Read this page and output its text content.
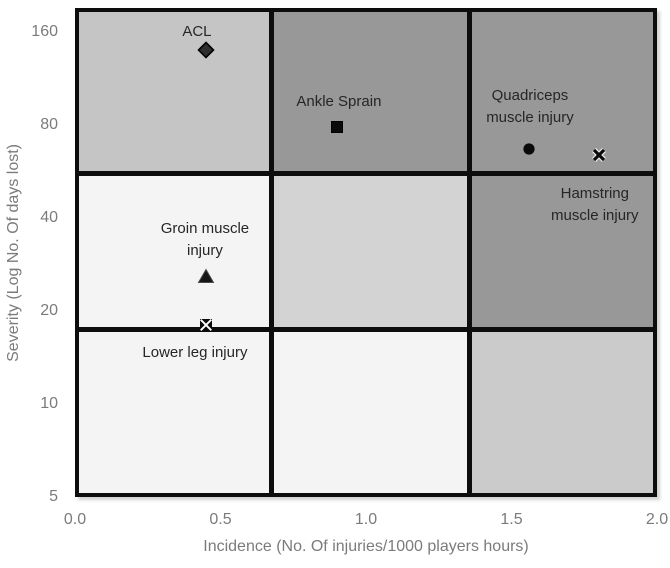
Severity (Log No. Of days lost)
160
80
40
20
10
5
ACL
Ankle Sprain	Quadriceps
muscle injury
Hamstring
muscle injury
Groin muscle
injury
Lower leg injury
0.0	0.5	1.0	1.5	2.0
Incidence (No. Of injuries/1000 players hours)
